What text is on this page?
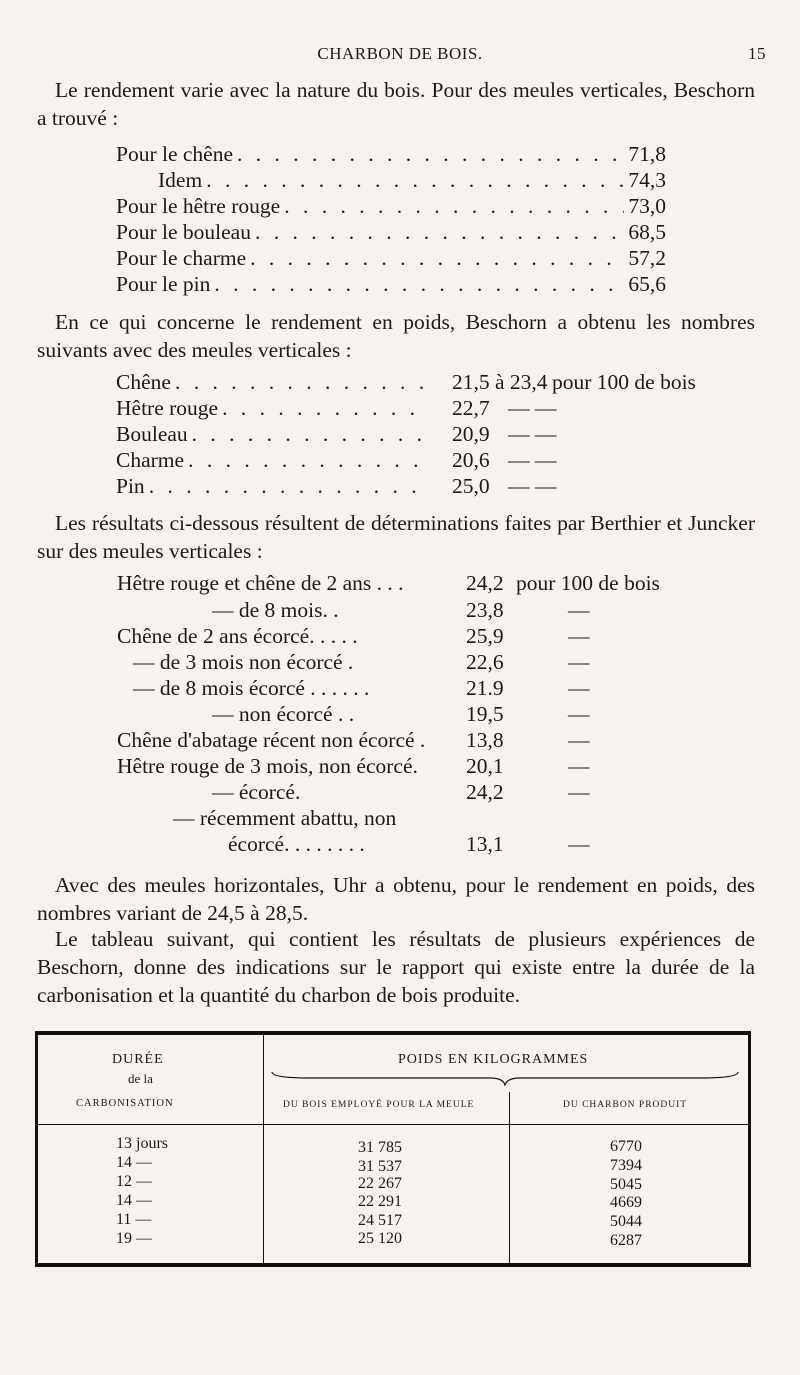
CHARBON DE BOIS.	15

Le rendement varie avec la nature du bois. Pour des meules verticales, Beschorn a trouvé :

Pour le chêne . . .	71,8
Idem . . .	74,3
Pour le hêtre rouge . . .	73,0
Pour le bouleau . . .	68,5
Pour le charme . . .	57,2
Pour le pin . . .	65,6

En ce qui concerne le rendement en poids, Beschorn a obtenu les nombres suivants avec des meules verticales :

Chêne . . .	21,5 à 23,4 pour 100 de bois
Hêtre rouge . . .	22,7 — —
Bouleau . . .	20,9 — —
Charme . . .	20,6 — —
Pin . . .	25,0 — —

Les résultats ci-dessous résultent de déterminations faites par Berthier et Juncker sur des meules verticales :

Hêtre rouge et chêne de 2 ans . . .	24,2 pour 100 de bois
— de 8 mois. .	23,8	—
Chêne de 2 ans écorcé. . . . .	25,9	—
— de 3 mois non écorcé .	22,6	—
— de 8 mois écorcé . . . . . .	21.9	—
— non écorcé . .	19,5	—
Chêne d'abatage récent non écorcé . 13,8	—
Hêtre rouge de 3 mois, non écorcé. 20,1	—
— écorcé.	24,2	—
— récemment abattu, non
écorcé. . . . . . . .	13,1	—

Avec des meules horizontales, Uhr a obtenu, pour le rendement en poids, des nombres variant de 24,5 à 28,5.

Le tableau suivant, qui contient les résultats de plusieurs expériences de Beschorn, donne des indications sur le rapport qui existe entre la durée de la carbonisation et la quantité du charbon de bois produite.

DURÉE
de la
CARBONISATION
POIDS EN KILOGRAMMES
DU BOIS EMPLOYÉ POUR LA MEULE	DU CHARBON PRODUIT
13 jours	31 785	6770
14 —	31 537	7394
12 —	22 267	5045
14 —	22 291	4669
11 —	24 517	5044
19 —	25 120	6287
